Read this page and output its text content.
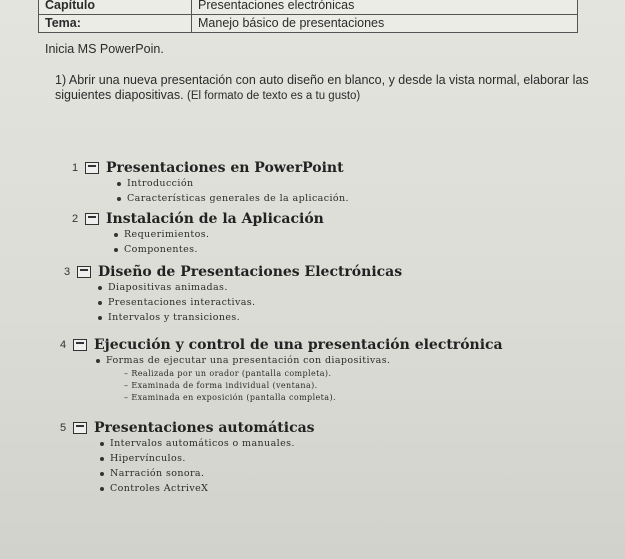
Capítulo	Presentaciones electrónicas
Tema:	Manejo básico de presentaciones
Inicia MS PowerPoin.
1) Abrir una nueva presentación con auto diseño en blanco, y desde la vista normal, elaborar las siguientes diapositivas. (El formato de texto es a tu gusto)
1	Presentaciones en PowerPoint
Introducción
Características generales de la aplicación.
2	Instalación de la Aplicación
Requerimientos.
Componentes.
3	Diseño de Presentaciones Electrónicas
Diapositivas animadas.
Presentaciones interactivas.
Intervalos y transiciones.
4	Ejecución y control de una presentación electrónica
Formas de ejecutar una presentación con diapositivas.
– Realizada por un orador (pantalla completa).
– Examinada de forma individual (ventana).
– Examinada en exposición (pantalla completa).
5	Presentaciones automáticas
Intervalos automáticos o manuales.
Hipervínculos.
Narración sonora.
Controles ActriveX
